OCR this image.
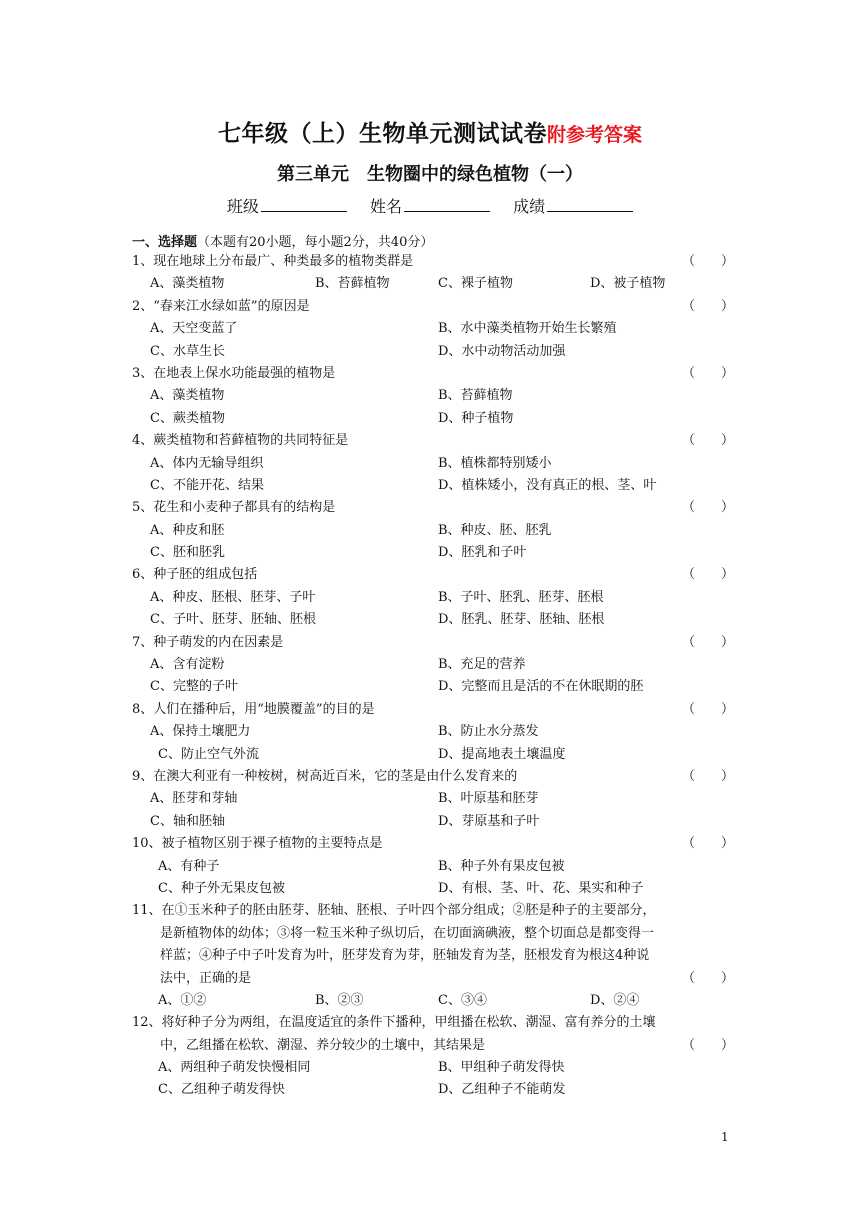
七年级（上）生物单元测试试卷附参考答案
第三单元　生物圈中的绿色植物（一）
班级	姓名	成绩
一、选择题（本题有20小题，每小题2分，共40分）
1、现在地球上分布最广、种类最多的植物类群是	（　　）
A、藻类植物	B、苔藓植物	C、裸子植物	D、被子植物
2、“春来江水绿如蓝”的原因是	（　　）
A、天空变蓝了	B、水中藻类植物开始生长繁殖
C、水草生长	D、水中动物活动加强
3、在地表上保水功能最强的植物是	（　　）
A、藻类植物	B、苔藓植物
C、蕨类植物	D、种子植物
4、蕨类植物和苔藓植物的共同特征是	（　　）
A、体内无输导组织	B、植株都特别矮小
C、不能开花、结果	D、植株矮小，没有真正的根、茎、叶
5、花生和小麦种子都具有的结构是	（　　）
A、种皮和胚	B、种皮、胚、胚乳
C、胚和胚乳	D、胚乳和子叶
6、种子胚的组成包括	（　　）
A、种皮、胚根、胚芽、子叶	B、子叶、胚乳、胚芽、胚根
C、子叶、胚芽、胚轴、胚根	D、胚乳、胚芽、胚轴、胚根
7、种子萌发的内在因素是	（　　）
A、含有淀粉	B、充足的营养
C、完整的子叶	D、完整而且是活的不在休眠期的胚
8、人们在播种后，用“地膜覆盖”的目的是	（　　）
A、保持土壤肥力	B、防止水分蒸发
C、防止空气外流	D、提高地表土壤温度
9、在澳大利亚有一种桉树，树高近百米，它的茎是由什么发育来的	（　　）
A、胚芽和芽轴	B、叶原基和胚芽
C、轴和胚轴	D、芽原基和子叶
10、被子植物区别于裸子植物的主要特点是	（　　）
A、有种子	B、种子外有果皮包被
C、种子外无果皮包被	D、有根、茎、叶、花、果实和种子
11、在①玉米种子的胚由胚芽、胚轴、胚根、子叶四个部分组成；②胚是种子的主要部分，
是新植物体的幼体；③将一粒玉米种子纵切后，在切面滴碘液，整个切面总是都变得一
样蓝；④种子中子叶发育为叶，胚芽发育为芽，胚轴发育为茎，胚根发育为根这4种说
法中，正确的是	（　　）
A、①②	B、②③	C、③④	D、②④
12、将好种子分为两组，在温度适宜的条件下播种，甲组播在松软、潮湿、富有养分的土壤
中，乙组播在松软、潮湿、养分较少的土壤中，其结果是	（　　）
A、两组种子萌发快慢相同	B、甲组种子萌发得快
C、乙组种子萌发得快	D、乙组种子不能萌发
1
